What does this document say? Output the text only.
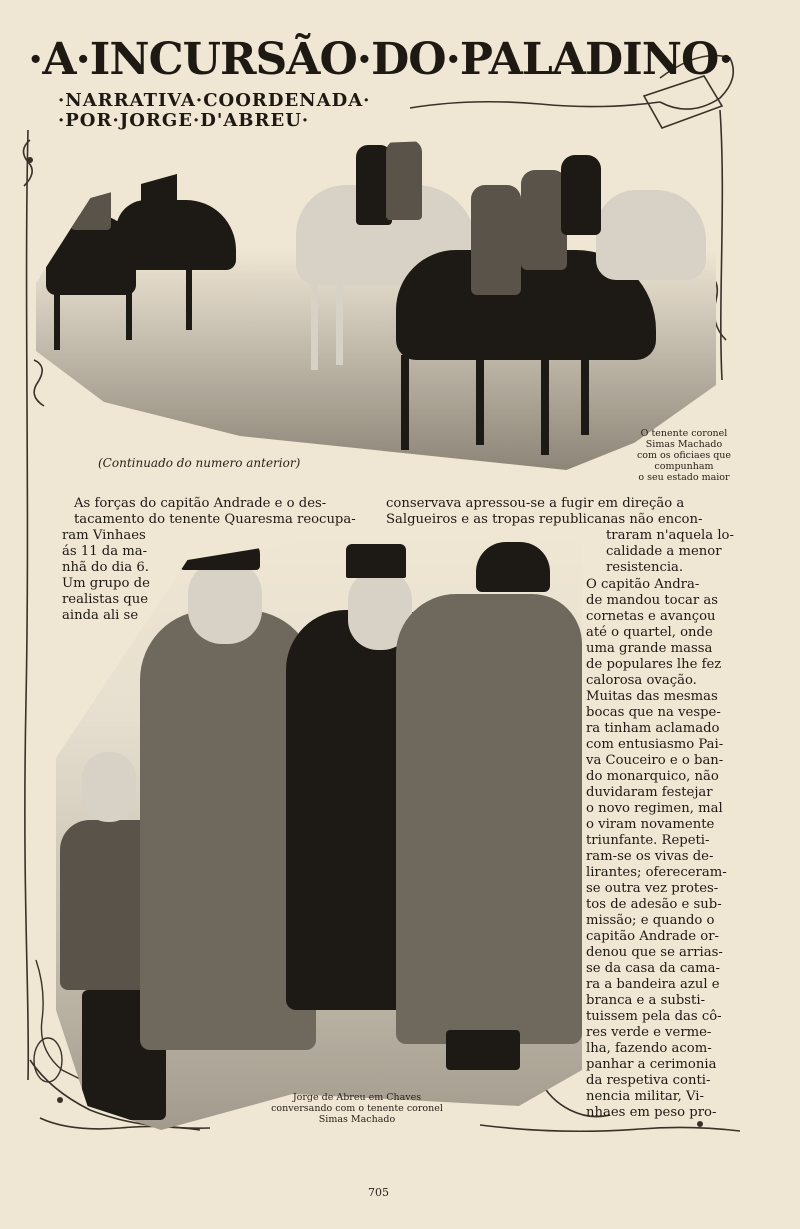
·A·INCURSÃO·DO·PALADINO·
·NARRATIVA·COORDENADA·
·POR·JORGE·D'ABREU·
(Continuado do numero anterior)
O tenente coronel
Simas Machado
com os oficiaes que
compunham
o seu estado maior
As forças do capitão Andrade e o des-
tacamento do tenente Quaresma reocupa-
ram Vinhaes
ás 11 da ma-
nhã do dia 6.
Um grupo de
realistas que
ainda ali se
conservava apressou-se a fugir em direção a
Salgueiros e as tropas republicanas não encon-
traram n'aquela lo-
calidade a menor
resistencia.
O capitão Andra-
de mandou tocar as
cornetas e avançou
até o quartel, onde
uma grande massa
de populares lhe fez
calorosa ovação.
Muitas das mesmas
bocas que na vespe-
ra tinham aclamado
com entusiasmo Pai-
va Couceiro e o ban-
do monarquico, não
duvidaram festejar
o novo regimen, mal
o viram novamente
triunfante. Repeti-
ram-se os vivas de-
lirantes; ofereceram-
se outra vez protes-
tos de adesão e sub-
missão; e quando o
capitão Andrade or-
denou que se arrias-
se da casa da cama-
ra a bandeira azul e
branca e a substi-
tuissem pela das cô-
res verde e verme-
lha, fazendo acom-
panhar a cerimonia
da respetiva conti-
nencia militar, Vi-
nhaes em peso pro-
Jorge de Abreu em Chaves
conversando com o tenente coronel
Simas Machado
705
